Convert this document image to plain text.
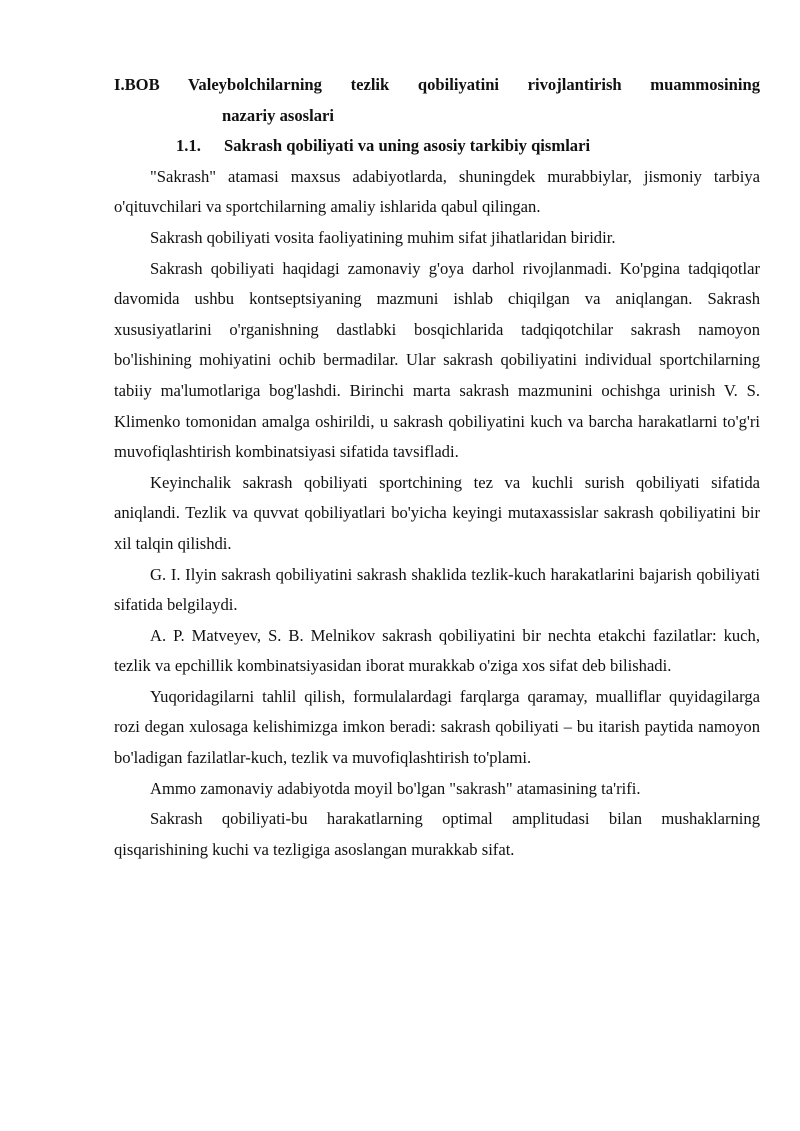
I.BOB Valeybolchilarning tezlik qobiliyatini rivojlantirish muammosining

nazariy asoslari

1.1. Sakrash qobiliyati va uning asosiy tarkibiy qismlari

"Sakrash" atamasi maxsus adabiyotlarda, shuningdek murabbiylar, jismoniy tarbiya o'qituvchilari va sportchilarning amaliy ishlarida qabul qilingan.

Sakrash qobiliyati vosita faoliyatining muhim sifat jihatlaridan biridir.

Sakrash qobiliyati haqidagi zamonaviy g'oya darhol rivojlanmadi. Ko'pgina tadqiqotlar davomida ushbu kontseptsiyaning mazmuni ishlab chiqilgan va aniqlangan. Sakrash xususiyatlarini o'rganishning dastlabki bosqichlarida tadqiqotchilar sakrash namoyon bo'lishining mohiyatini ochib bermadilar. Ular sakrash qobiliyatini individual sportchilarning tabiiy ma'lumotlariga bog'lashdi. Birinchi marta sakrash mazmunini ochishga urinish V. S. Klimenko tomonidan amalga oshirildi, u sakrash qobiliyatini kuch va barcha harakatlarni to'g'ri muvofiqlashtirish kombinatsiyasi sifatida tavsifladi.

Keyinchalik sakrash qobiliyati sportchining tez va kuchli surish qobiliyati sifatida aniqlandi. Tezlik va quvvat qobiliyatlari bo'yicha keyingi mutaxassislar sakrash qobiliyatini bir xil talqin qilishdi.

G. I. Ilyin sakrash qobiliyatini sakrash shaklida tezlik-kuch harakatlarini bajarish qobiliyati sifatida belgilaydi.

A. P. Matveyev, S. B. Melnikov sakrash qobiliyatini bir nechta etakchi fazilatlar: kuch, tezlik va epchillik kombinatsiyasidan iborat murakkab o'ziga xos sifat deb bilishadi.

Yuqoridagilarni tahlil qilish, formulalardagi farqlarga qaramay, mualliflar quyidagilarga rozi degan xulosaga kelishimizga imkon beradi: sakrash qobiliyati – bu itarish paytida namoyon bo'ladigan fazilatlar-kuch, tezlik va muvofiqlashtirish to'plami.

Ammo zamonaviy adabiyotda moyil bo'lgan "sakrash" atamasining ta'rifi.

Sakrash qobiliyati-bu harakatlarning optimal amplitudasi bilan mushaklarning qisqarishining kuchi va tezligiga asoslangan murakkab sifat.
